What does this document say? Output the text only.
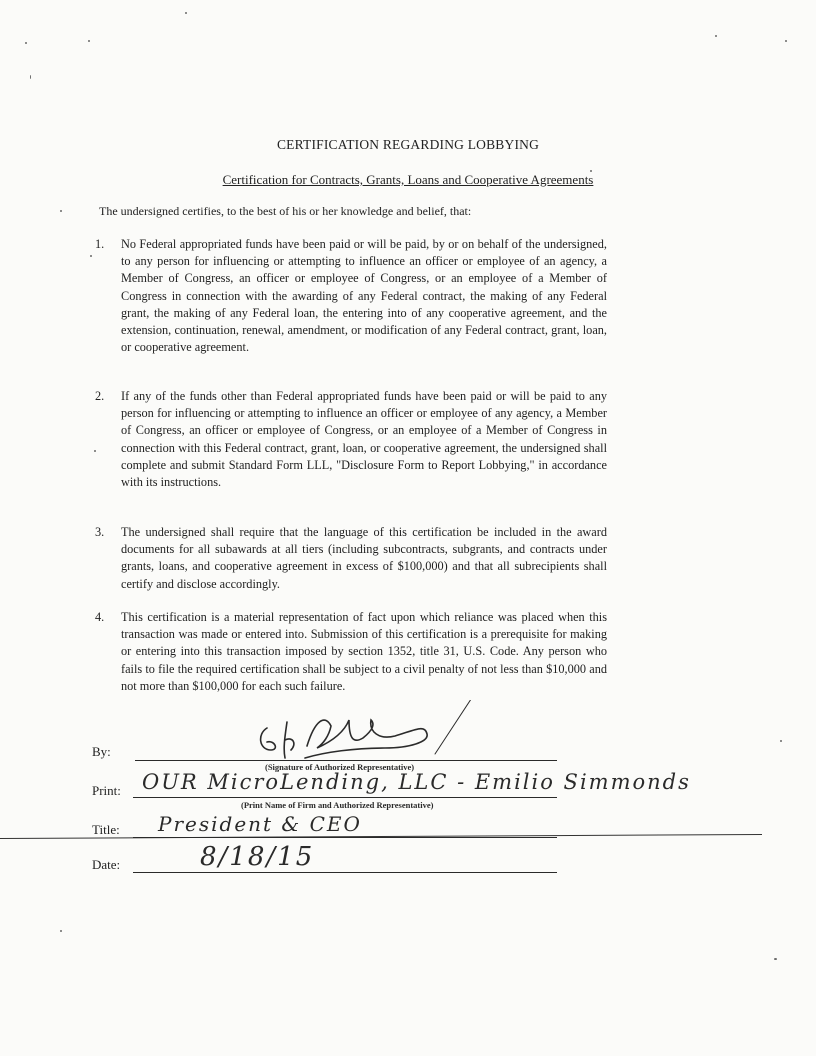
CERTIFICATION REGARDING LOBBYING
Certification for Contracts, Grants, Loans and Cooperative Agreements
The undersigned certifies, to the best of his or her knowledge and belief, that:
1. No Federal appropriated funds have been paid or will be paid, by or on behalf of the undersigned, to any person for influencing or attempting to influence an officer or employee of an agency, a Member of Congress, an officer or employee of Congress, or an employee of a Member of Congress in connection with the awarding of any Federal contract, the making of any Federal grant, the making of any Federal loan, the entering into of any cooperative agreement, and the extension, continuation, renewal, amendment, or modification of any Federal contract, grant, loan, or cooperative agreement.
2. If any of the funds other than Federal appropriated funds have been paid or will be paid to any person for influencing or attempting to influence an officer or employee of any agency, a Member of Congress, an officer or employee of Congress, or an employee of a Member of Congress in connection with this Federal contract, grant, loan, or cooperative agreement, the undersigned shall complete and submit Standard Form LLL, "Disclosure Form to Report Lobbying," in accordance with its instructions.
3. The undersigned shall require that the language of this certification be included in the award documents for all subawards at all tiers (including subcontracts, subgrants, and contracts under grants, loans, and cooperative agreement in excess of $100,000) and that all subrecipients shall certify and disclose accordingly.
4. This certification is a material representation of fact upon which reliance was placed when this transaction was made or entered into. Submission of this certification is a prerequisite for making or entering into this transaction imposed by section 1352, title 31, U.S. Code. Any person who fails to file the required certification shall be subject to a civil penalty of not less than $10,000 and not more than $100,000 for each such failure.
By:
(Signature of Authorized Representative)
Print: OUR MicroLending, LLC - Emilio Simmonds
(Print Name of Firm and Authorized Representative)
Title: President & CEO
Date:	8/18/15
